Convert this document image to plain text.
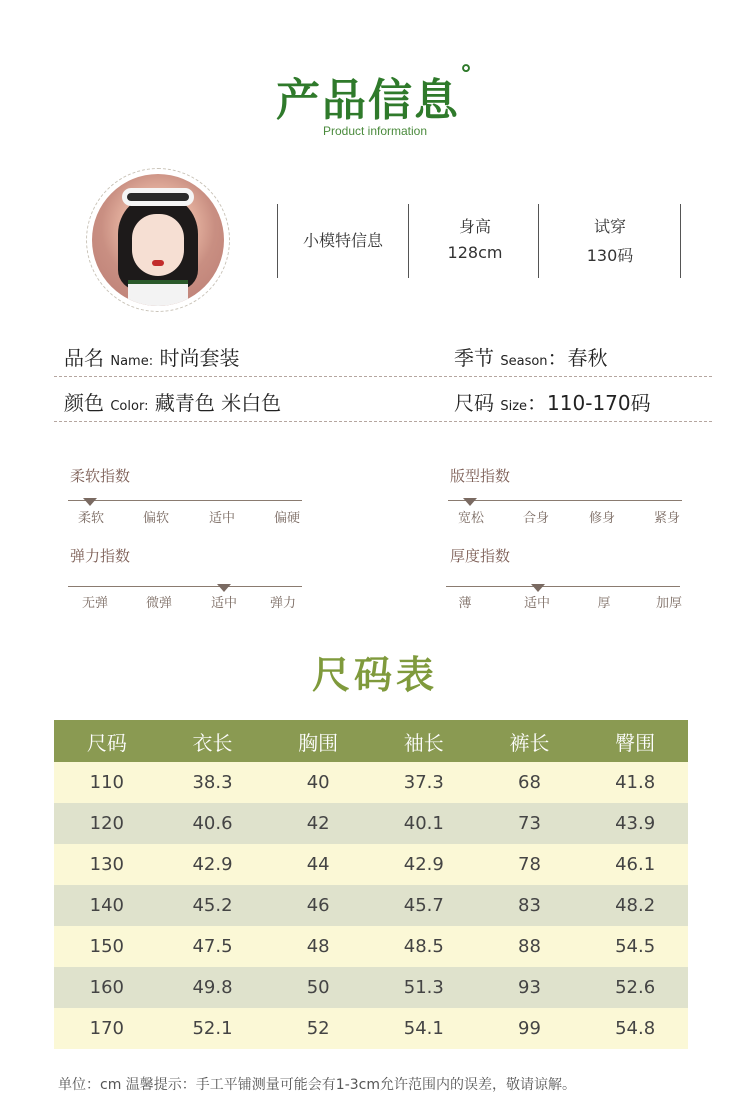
产品信息°
Product information
小模特信息
身高
128cm
试穿
130码
品名 Name: 时尚套装	季节 Season：春秋
颜色 Color: 藏青色 米白色	尺码 Size：110-170码
柔软指数
柔软	偏软	适中	偏硬
版型指数
宽松	合身	修身	紧身
弹力指数
无弹	微弹	适中	弹力
厚度指数
薄	适中	厚	加厚
尺码表
尺码	衣长	胸围	袖长	裤长	臀围
110	38.3	40	37.3	68	41.8
120	40.6	42	40.1	73	43.9
130	42.9	44	42.9	78	46.1
140	45.2	46	45.7	83	48.2
150	47.5	48	48.5	88	54.5
160	49.8	50	51.3	93	52.6
170	52.1	52	54.1	99	54.8
单位：cm 温馨提示：手工平铺测量可能会有1-3cm允许范围内的误差，敬请谅解。
